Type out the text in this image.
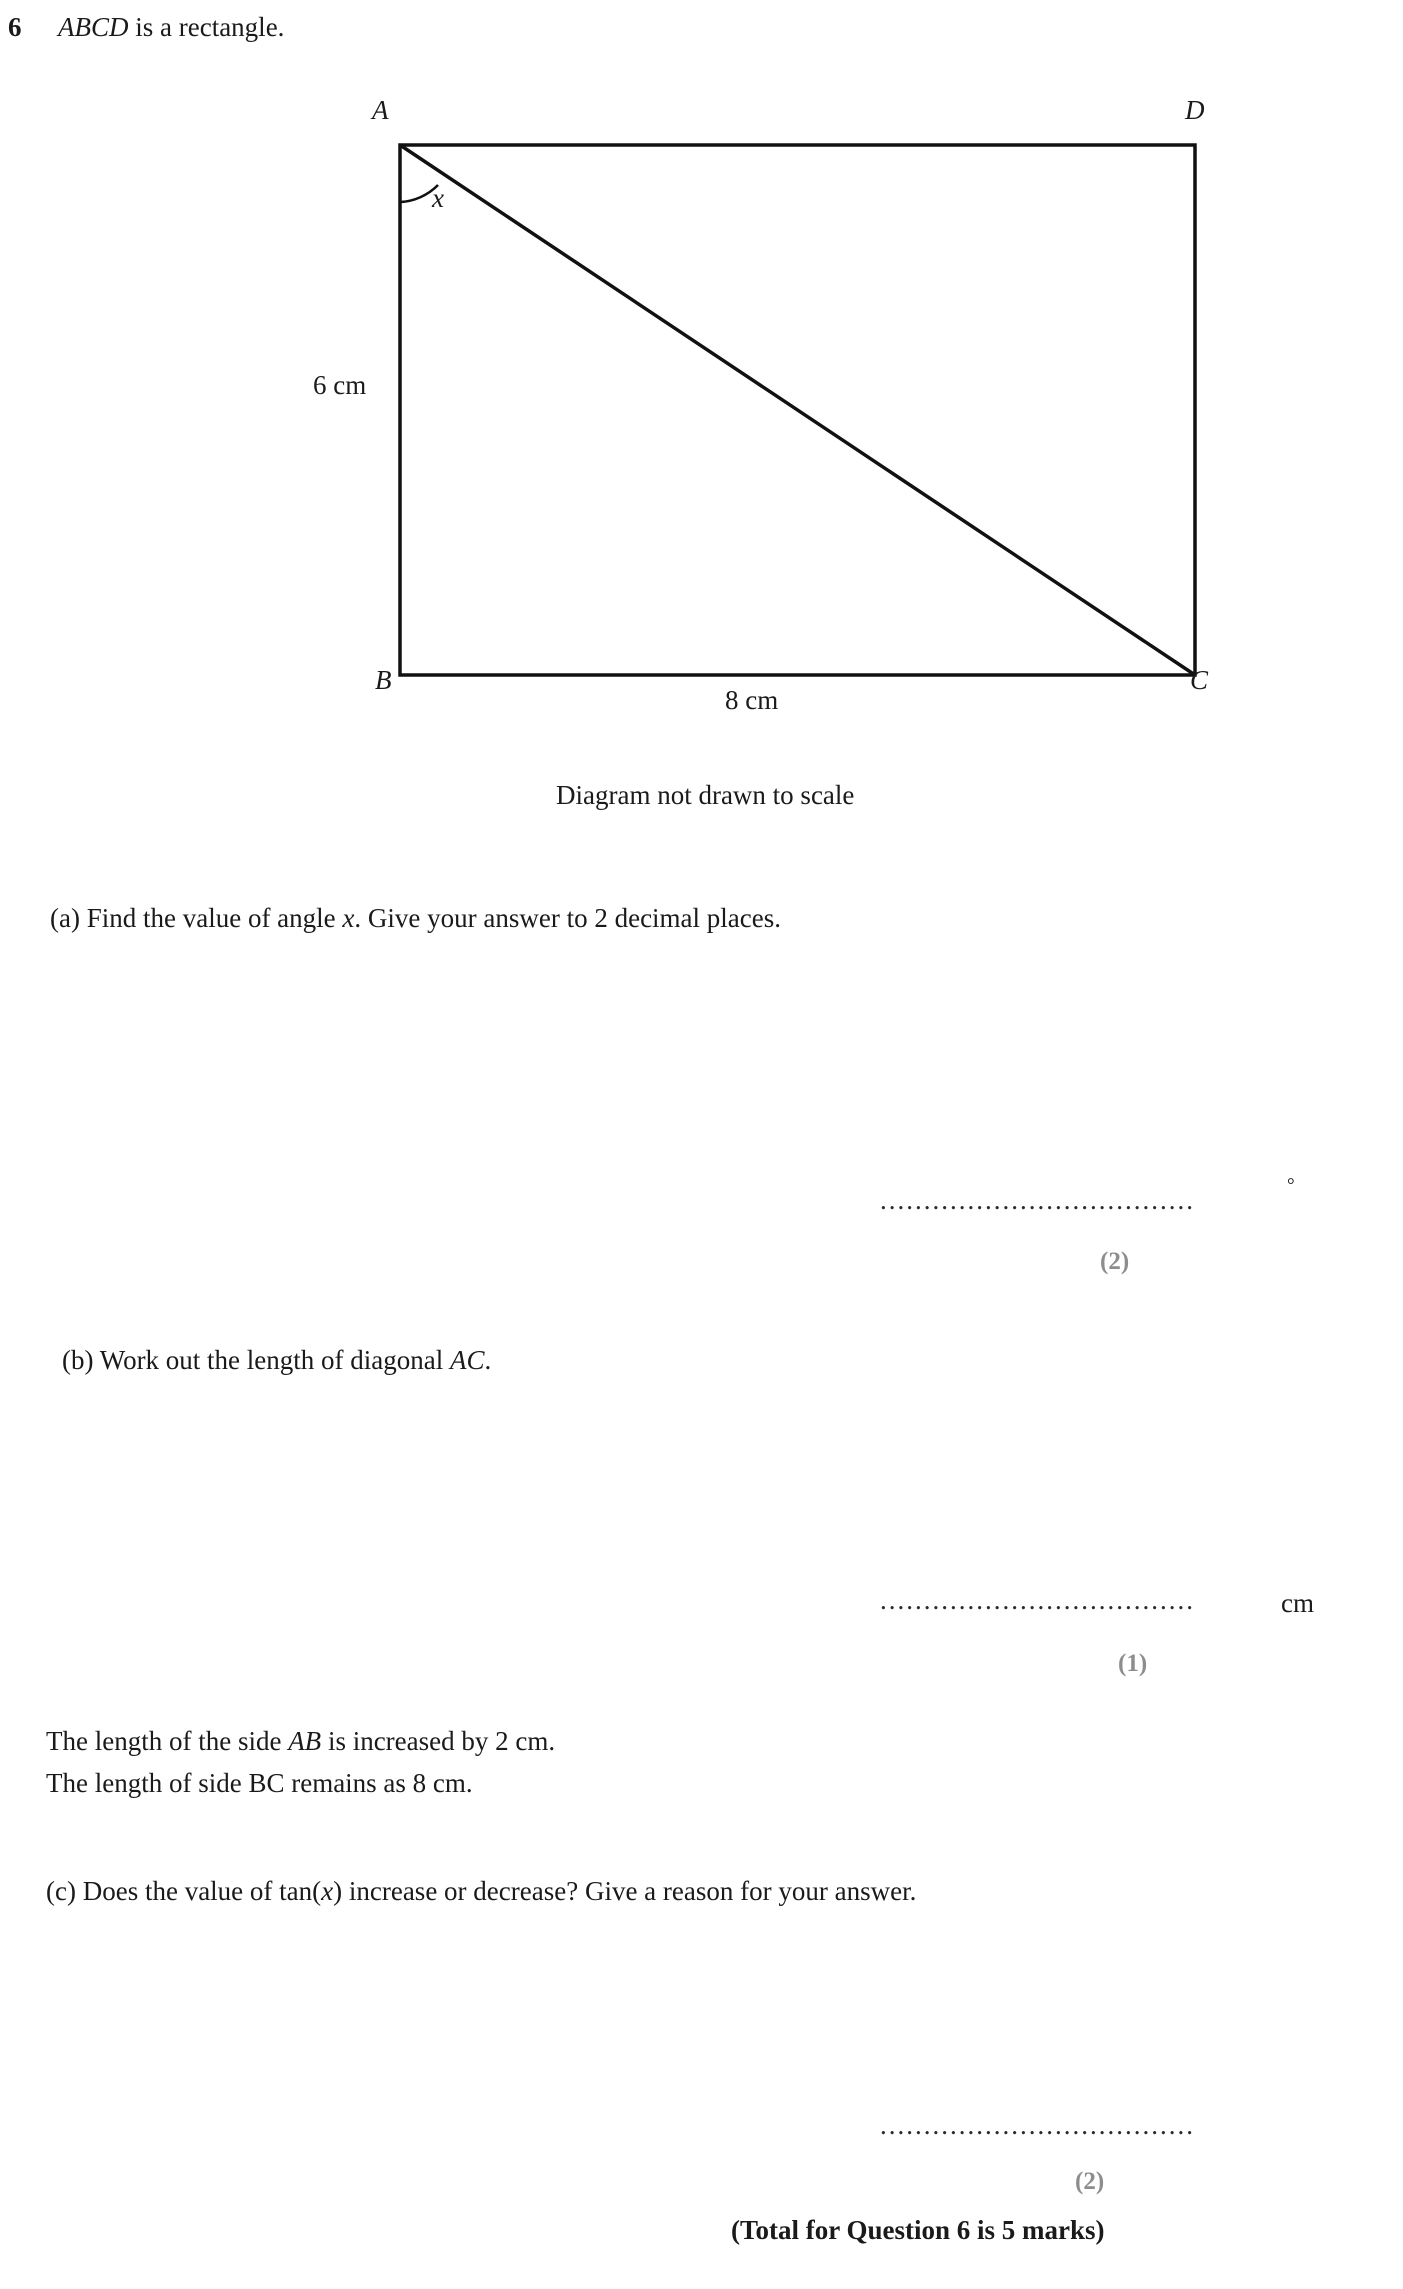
6 ABCD is a rectangle.
A	D
B	C
x
6 cm
8 cm
Diagram not drawn to scale
(a) Find the value of angle x. Give your answer to 2 decimal places.
....................................	°
(2)
(b) Work out the length of diagonal AC.
....................................	cm
(1)
The length of the side AB is increased by 2 cm.
The length of side BC remains as 8 cm.
(c) Does the value of tan(x) increase or decrease? Give a reason for your answer.
....................................
(2)
(Total for Question 6 is 5 marks)
